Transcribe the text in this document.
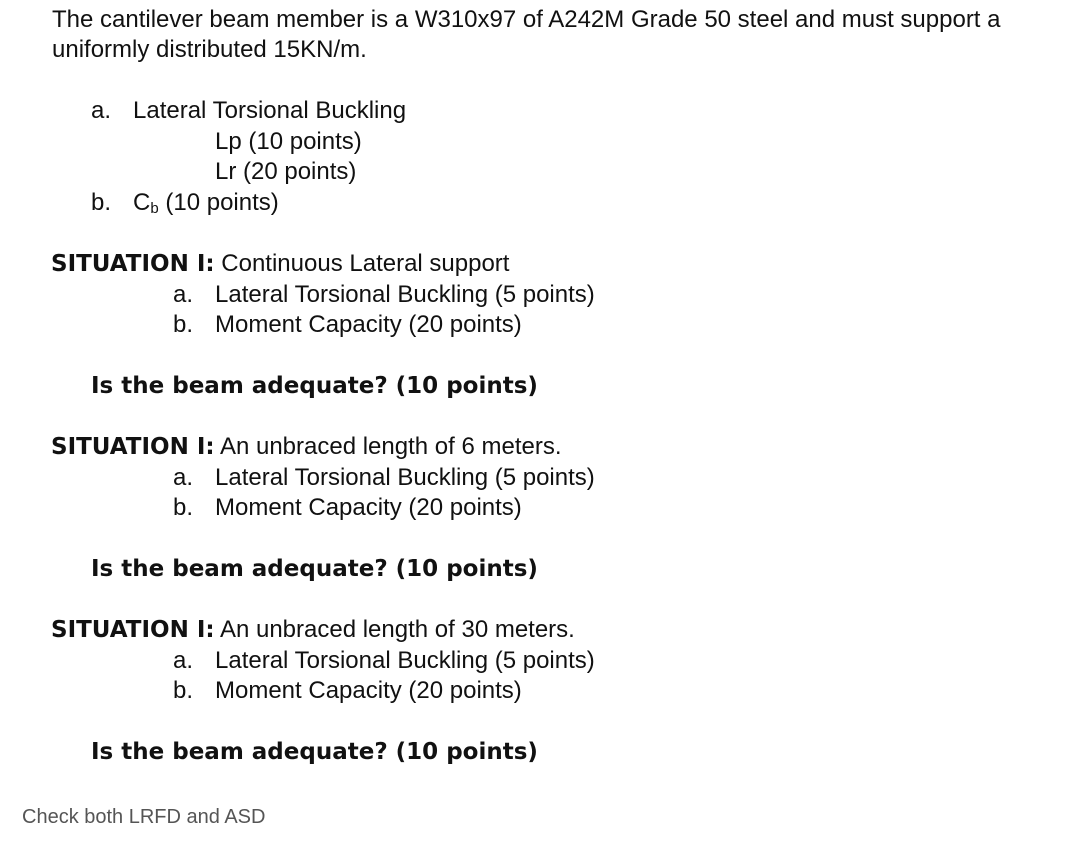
The cantilever beam member is a W310x97 of A242M Grade 50 steel and must support a
uniformly distributed 15KN/m.
a. Lateral Torsional Buckling
Lp (10 points)
Lr (20 points)
b. $C_b$ (10 points)
SITUATION I: Continuous Lateral support
a. Lateral Torsional Buckling (5 points)
b. Moment Capacity (20 points)
Is the beam adequate? (10 points)
SITUATION I: An unbraced length of 6 meters.
a. Lateral Torsional Buckling (5 points)
b. Moment Capacity (20 points)
Is the beam adequate? (10 points)
SITUATION I: An unbraced length of 30 meters.
a. Lateral Torsional Buckling (5 points)
b. Moment Capacity (20 points)
Is the beam adequate? (10 points)
Check both LRFD and ASD
